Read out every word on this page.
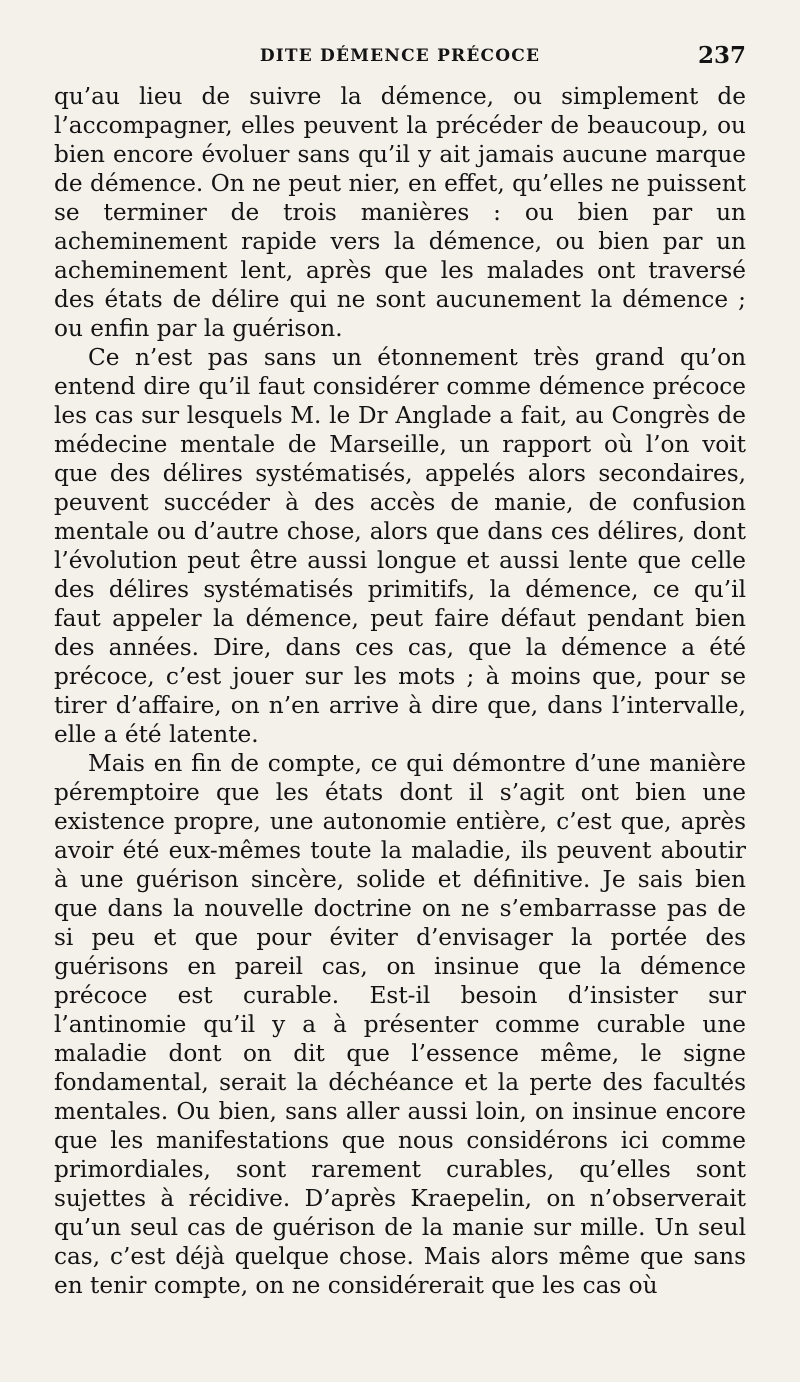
DITE DÉMENCE PRÉCOCE	237

qu’au lieu de suivre la démence, ou simplement de l’accompagner, elles peuvent la précéder de beaucoup, ou bien encore évoluer sans qu’il y ait jamais aucune marque de démence. On ne peut nier, en effet, qu’elles ne puissent se terminer de trois manières : ou bien par un acheminement rapide vers la démence, ou bien par un acheminement lent, après que les malades ont traversé des états de délire qui ne sont aucunement la démence ; ou enfin par la guérison.

Ce n’est pas sans un étonnement très grand qu’on entend dire qu’il faut considérer comme démence précoce les cas sur lesquels M. le Dr Anglade a fait, au Congrès de médecine mentale de Marseille, un rapport où l’on voit que des délires systématisés, appelés alors secondaires, peuvent succéder à des accès de manie, de confusion mentale ou d’autre chose, alors que dans ces délires, dont l’évolution peut être aussi longue et aussi lente que celle des délires systématisés primitifs, la démence, ce qu’il faut appeler la démence, peut faire défaut pendant bien des années. Dire, dans ces cas, que la démence a été précoce, c’est jouer sur les mots ; à moins que, pour se tirer d’affaire, on n’en arrive à dire que, dans l’intervalle, elle a été latente.

Mais en fin de compte, ce qui démontre d’une manière péremptoire que les états dont il s’agit ont bien une existence propre, une autonomie entière, c’est que, après avoir été eux-mêmes toute la maladie, ils peuvent aboutir à une guérison sincère, solide et définitive. Je sais bien que dans la nouvelle doctrine on ne s’embarrasse pas de si peu et que pour éviter d’envisager la portée des guérisons en pareil cas, on insinue que la démence précoce est curable. Est-il besoin d’insister sur l’antinomie qu’il y a à présenter comme curable une maladie dont on dit que l’essence même, le signe fondamental, serait la déchéance et la perte des facultés mentales. Ou bien, sans aller aussi loin, on insinue encore que les manifestations que nous considérons ici comme primordiales, sont rarement curables, qu’elles sont sujettes à récidive. D’après Kraepelin, on n’observerait qu’un seul cas de guérison de la manie sur mille. Un seul cas, c’est déjà quelque chose. Mais alors même que sans en tenir compte, on ne considérerait que les cas où
